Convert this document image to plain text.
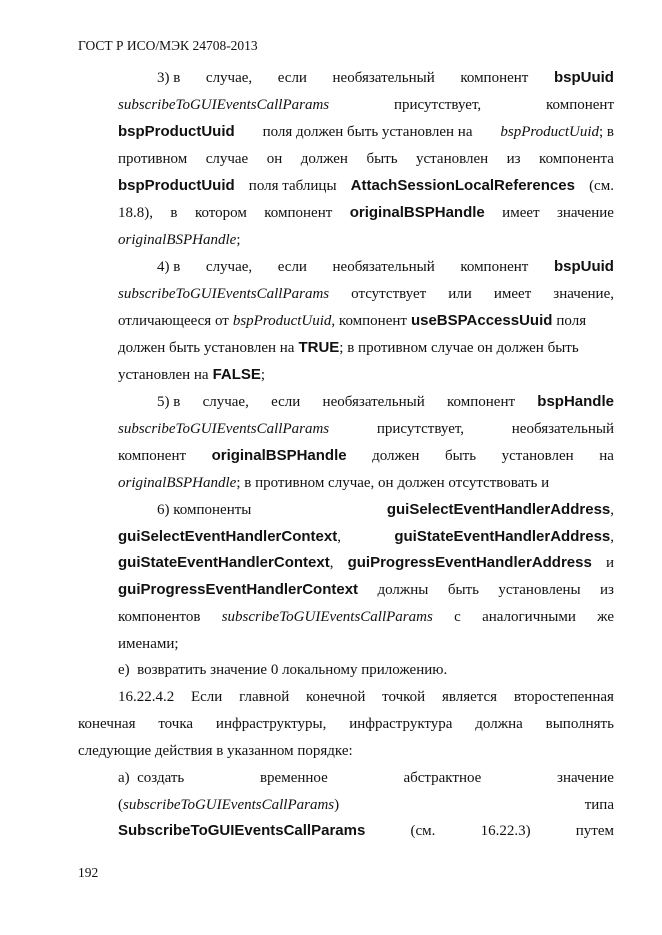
ГОСТ Р ИСО/МЭК 24708-2013
3) в случае, если необязательный компонент bspUuid
subscribeToGUIEventsCallParams	присутствует,	компонент
bspProductUuid поля должен быть установлен на bspProductUuid; в
противном случае он должен быть установлен из компонента
bspProductUuid поля таблицы AttachSessionLocalReferences (см.
18.8), в котором компонент originalBSPHandle имеет значение
originalBSPHandle;
4) в случае, если необязательный компонент bspUuid
subscribeToGUIEventsCallParams отсутствует или имеет значение,
отличающееся от bspProductUuid, компонент useBSPAccessUuid поля
должен быть установлен на TRUE; в противном случае он должен быть
установлен на FALSE;
5) в случае, если необязательный компонент bspHandle
subscribeToGUIEventsCallParams	присутствует,	необязательный
компонент originalBSPHandle должен быть установлен на
originalBSPHandle; в противном случае, он должен отсутствовать и
6) компоненты	guiSelectEventHandlerAddress,
guiSelectEventHandlerContext,	guiStateEventHandlerAddress,
guiStateEventHandlerContext, guiProgressEventHandlerAddress и
guiProgressEventHandlerContext должны быть установлены из
компонентов subscribeToGUIEventsCallParams с аналогичными же
именами;
е)  возвратить значение 0 локальному приложению.
16.22.4.2 Если главной конечной точкой является второстепенная
конечная точка инфраструктуры, инфраструктура должна выполнять
следующие действия в указанном порядке:
а)  создать	временное	абстрактное	значение
(subscribeToGUIEventsCallParams)	типа
SubscribeToGUIEventsCallParams	(см.	16.22.3)	путем
192
